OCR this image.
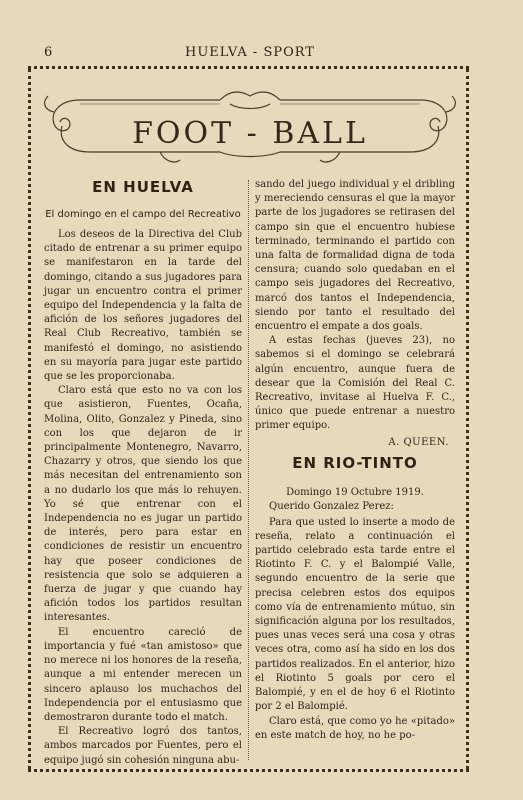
6	HUELVA - SPORT
FOOT - BALL
EN HUELVA

El domingo en el campo del Recreativo

Los deseos de la Directiva del Club citado de entrenar a su primer equipo se manifestaron en la tarde del domingo, citando a sus jugadores para jugar un encuentro contra el primer equipo del Independencia y la falta de afición de los señores jugadores del Real Club Recreativo, también se manifestó el domingo, no asistiendo en su mayoría para jugar este partido que se les proporcionaba.

Claro está que esto no va con los que asistieron, Fuentes, Ocaña, Molina, Olito, Gonzalez y Pineda, sino con los que dejaron de ir principalmente Montenegro, Navarro, Chazarry y otros, que siendo los que más necesitan del entrenamiento son a no dudarlo los que más lo rehuyen. Yo sé que entrenar con el Independencia no es jugar un partido de interés, pero para estar en condiciones de resistir un encuentro hay que poseer condiciones de resistencia que solo se adquieren a fuerza de jugar y que cuando hay afición todos los partidos resultan interesantes.

El encuentro careció de importancia y fué «tan amistoso» que no merece ni los honores de la reseña, aunque a mi entender merecen un sincero aplauso los muchachos del Independencia por el entusiasmo que demostraron durante todo el match.

El Recreativo logró dos tantos, ambos marcados por Fuentes, pero el equipo jugó sin cohesión ninguna abu-

sando del juego individual y el dribling y mereciendo censuras el que la mayor parte de los jugadores se retirasen del campo sin que el encuentro hubiese terminado, terminando el partido con una falta de formalidad digna de toda censura; cuando solo quedaban en el campo seis jugadores del Recreativo, marcó dos tantos el Independencia, siendo por tanto el resultado del encuentro el empate a dos goals.

A estas fechas (jueves 23), no sabemos si el domingo se celebrará algún encuentro, aunque fuera de desear que la Comisión del Real C. Recreativo, invitase al Huelva F. C., único que puede entrenar a nuestro primer equipo.

A. QUEEN.

EN RIO-TINTO

Domingo 19 Octubre 1919.

Querido Gonzalez Perez:

Para que usted lo inserte a modo de reseña, relato a continuación el partido celebrado esta tarde entre el Riotinto F. C. y el Balompié Valle, segundo encuentro de la serie que precisa celebren estos dos equipos como vía de entrenamiento mútuo, sin significación alguna por los resultados, pues unas veces será una cosa y otras veces otra, como así ha sido en los dos partidos realizados. En el anterior, hizo el Riotinto 5 goals por cero el Balompié, y en el de hoy 6 el Riotinto por 2 el Balompié.

Claro está, que como yo he «pitado» en este match de hoy, no he po-
